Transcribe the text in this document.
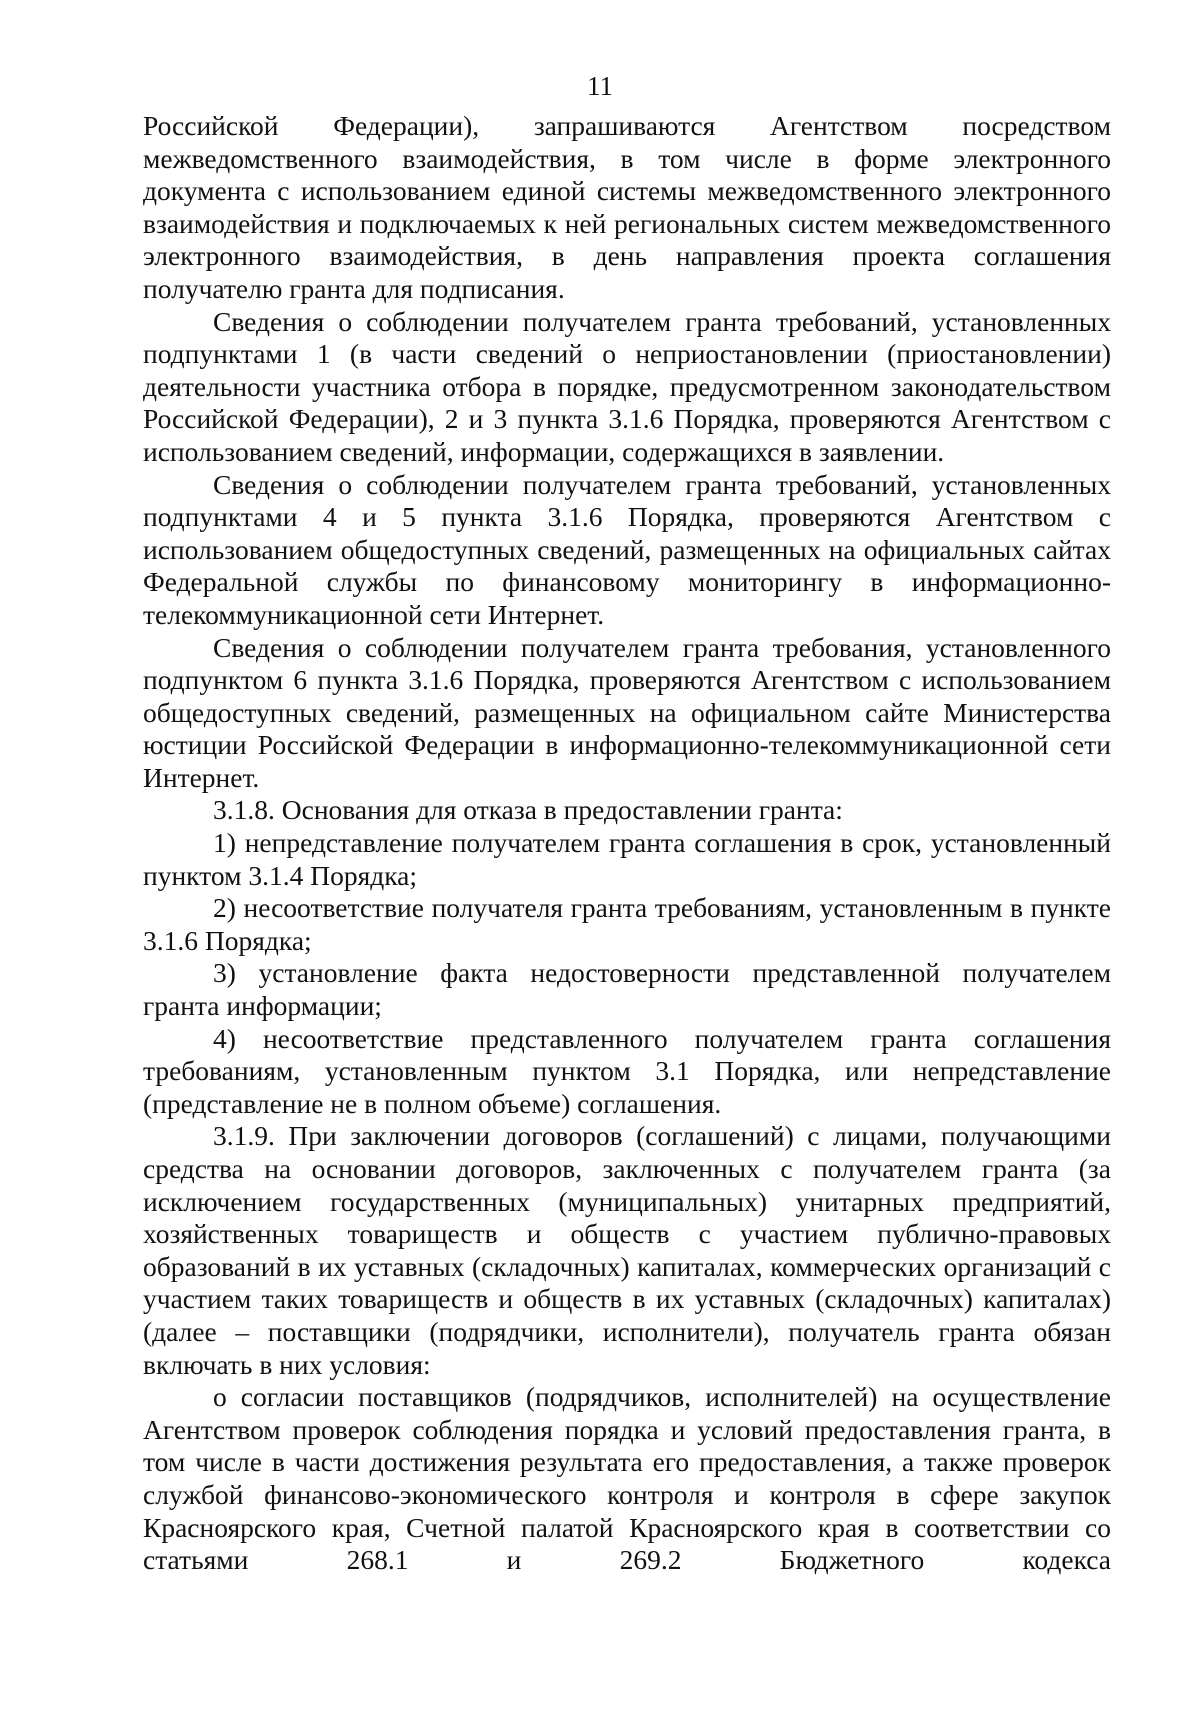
11

Российской Федерации), запрашиваются Агентством посредством межведомственного взаимодействия, в том числе в форме электронного документа с использованием единой системы межведомственного электронного взаимодействия и подключаемых к ней региональных систем межведомственного электронного взаимодействия, в день направления проекта соглашения получателю гранта для подписания.

Сведения о соблюдении получателем гранта требований, установленных подпунктами 1 (в части сведений о неприостановлении (приостановлении) деятельности участника отбора в порядке, предусмотренном законодательством Российской Федерации), 2 и 3 пункта 3.1.6 Порядка, проверяются Агентством с использованием сведений, информации, содержащихся в заявлении.

Сведения о соблюдении получателем гранта требований, установленных подпунктами 4 и 5 пункта 3.1.6 Порядка, проверяются Агентством с использованием общедоступных сведений, размещенных на официальных сайтах Федеральной службы по финансовому мониторингу в информационно-телекоммуникационной сети Интернет.

Сведения о соблюдении получателем гранта требования, установленного подпунктом 6 пункта 3.1.6 Порядка, проверяются Агентством с использованием общедоступных сведений, размещенных на официальном сайте Министерства юстиции Российской Федерации в информационно-телекоммуникационной сети Интернет.

3.1.8. Основания для отказа в предоставлении гранта:

1) непредставление получателем гранта соглашения в срок, установленный пунктом 3.1.4 Порядка;

2) несоответствие получателя гранта требованиям, установленным в пункте 3.1.6 Порядка;

3) установление факта недостоверности представленной получателем гранта информации;

4) несоответствие представленного получателем гранта соглашения требованиям, установленным пунктом 3.1 Порядка, или непредставление (представление не в полном объеме) соглашения.

3.1.9. При заключении договоров (соглашений) с лицами, получающими средства на основании договоров, заключенных с получателем гранта (за исключением государственных (муниципальных) унитарных предприятий, хозяйственных товариществ и обществ с участием публично-правовых образований в их уставных (складочных) капиталах, коммерческих организаций с участием таких товариществ и обществ в их уставных (складочных) капиталах) (далее – поставщики (подрядчики, исполнители), получатель гранта обязан включать в них условия:

о согласии поставщиков (подрядчиков, исполнителей) на осуществление Агентством проверок соблюдения порядка и условий предоставления гранта, в том числе в части достижения результата его предоставления, а также проверок службой финансово-экономического контроля и контроля в сфере закупок Красноярского края, Счетной палатой Красноярского края в соответствии со статьями 268.1 и 269.2 Бюджетного кодекса
